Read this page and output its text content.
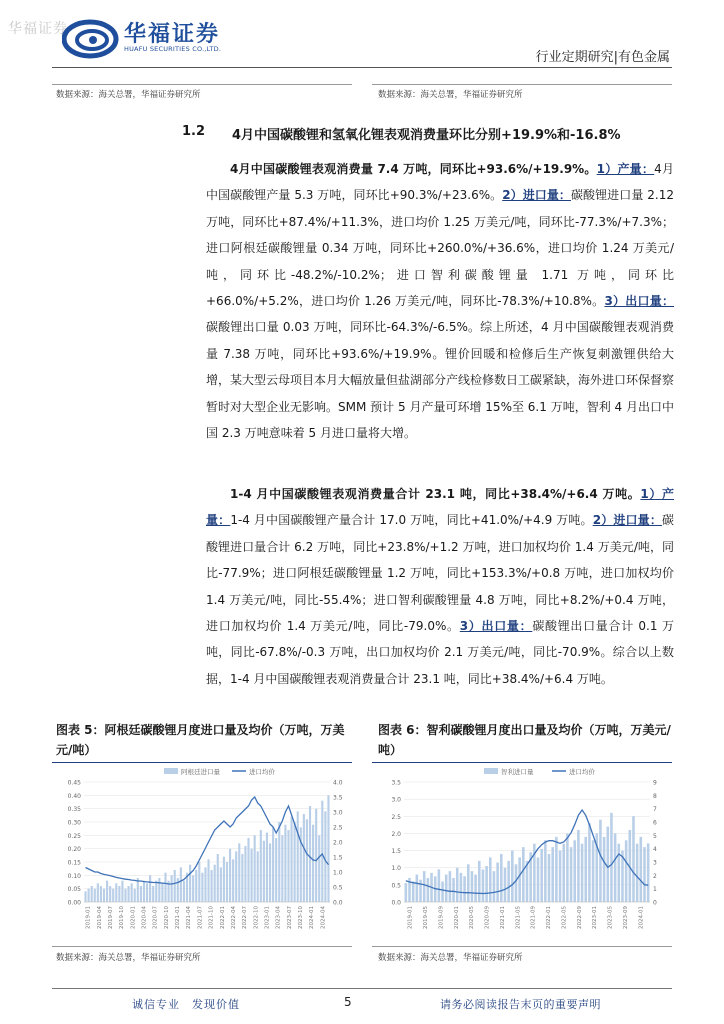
华福证券	华福证券
HUAFU SECURITIES CO.,LTD.
行业定期研究|有色金属
数据来源：海关总署，华福证券研究所	数据来源：海关总署，华福证券研究所
1.2 4月中国碳酸锂和氢氧化锂表观消费量环比分别+19.9%和-16.8%

4月中国碳酸锂表观消费量 7.4 万吨，同环比+93.6%/+19.9%。1）产量：4月中国碳酸锂产量 5.3 万吨，同环比+90.3%/+23.6%。2）进口量：碳酸锂进口量 2.12 万吨，同环比+87.4%/+11.3%，进口均价 1.25 万美元/吨，同环比-77.3%/+7.3%；进口阿根廷碳酸锂量 0.34 万吨，同环比+260.0%/+36.6%，进口均价 1.24 万美元/吨，同环比-48.2%/-10.2%；进口智利碳酸锂量 1.71 万吨，同环比+66.0%/+5.2%，进口均价 1.26 万美元/吨，同环比-78.3%/+10.8%。3）出口量：碳酸锂出口量 0.03 万吨，同环比-64.3%/-6.5%。综上所述，4 月中国碳酸锂表观消费量 7.38 万吨，同环比+93.6%/+19.9%。锂价回暖和检修后生产恢复刺激锂供给大增，某大型云母项目本月大幅放量但盐湖部分产线检修数日工碳紧缺，海外进口环保督察暂时对大型企业无影响。SMM 预计 5 月产量可环增 15%至 6.1 万吨，智利 4 月出口中国 2.3 万吨意味着 5 月进口量将大增。

1-4 月中国碳酸锂表观消费量合计 23.1 吨，同比+38.4%/+6.4 万吨。1）产量：1-4 月中国碳酸锂产量合计 17.0 万吨，同比+41.0%/+4.9 万吨。2）进口量：碳酸锂进口量合计 6.2 万吨，同比+23.8%/+1.2 万吨，进口加权均价 1.4 万美元/吨，同比-77.9%；进口阿根廷碳酸锂量 1.2 万吨，同比+153.3%/+0.8 万吨，进口加权均价 1.4 万美元/吨，同比-55.4%；进口智利碳酸锂量 4.8 万吨，同比+8.2%/+0.4 万吨，进口加权均价 1.4 万美元/吨，同比-79.0%。3）出口量：碳酸锂出口量合计 0.1 万吨，同比-67.8%/-0.3 万吨，出口加权均价 2.1 万美元/吨，同比-70.9%。综合以上数据，1-4 月中国碳酸锂表观消费量合计 23.1 吨，同比+38.4%/+6.4 万吨。

图表 5：阿根廷碳酸锂月度进口量及均价（万吨，万美元/吨）
图表 6：智利碳酸锂月度出口量及均价（万吨，万美元/吨）
阿根廷进口量	进口均价
0.45
0.40
0.35
0.30
0.25
0.20
0.15
0.10
0.05
0.00
4.0
3.5
3.0
2.5
2.0
1.5
1.0
0.5
0.0
2019-01 2019-04 2019-07 2019-10 2020-01 2020-04 2020-07 2020-10 2021-01 2021-04 2021-07 2021-10 2022-01 2022-04 2022-07 2022-10 2023-01 2023-04 2023-07 2023-10 2024-01 2024-04
智利进口量	进口均价
3.5
3.0
2.5
2.0
1.5
1.0
0.5
0.0
9
8
7
6
5
4
3
2
1
0
2019-01 2019-05 2019-09 2020-01 2020-05 2020-09 2021-01 2021-05 2021-09 2022-01 2022-05 2022-09 2023-01 2023-05 2023-09 2024-01
数据来源：海关总署，华福证券研究所	数据来源：海关总署，华福证券研究所
诚信专业　发现价值	5	请务必阅读报告末页的重要声明
